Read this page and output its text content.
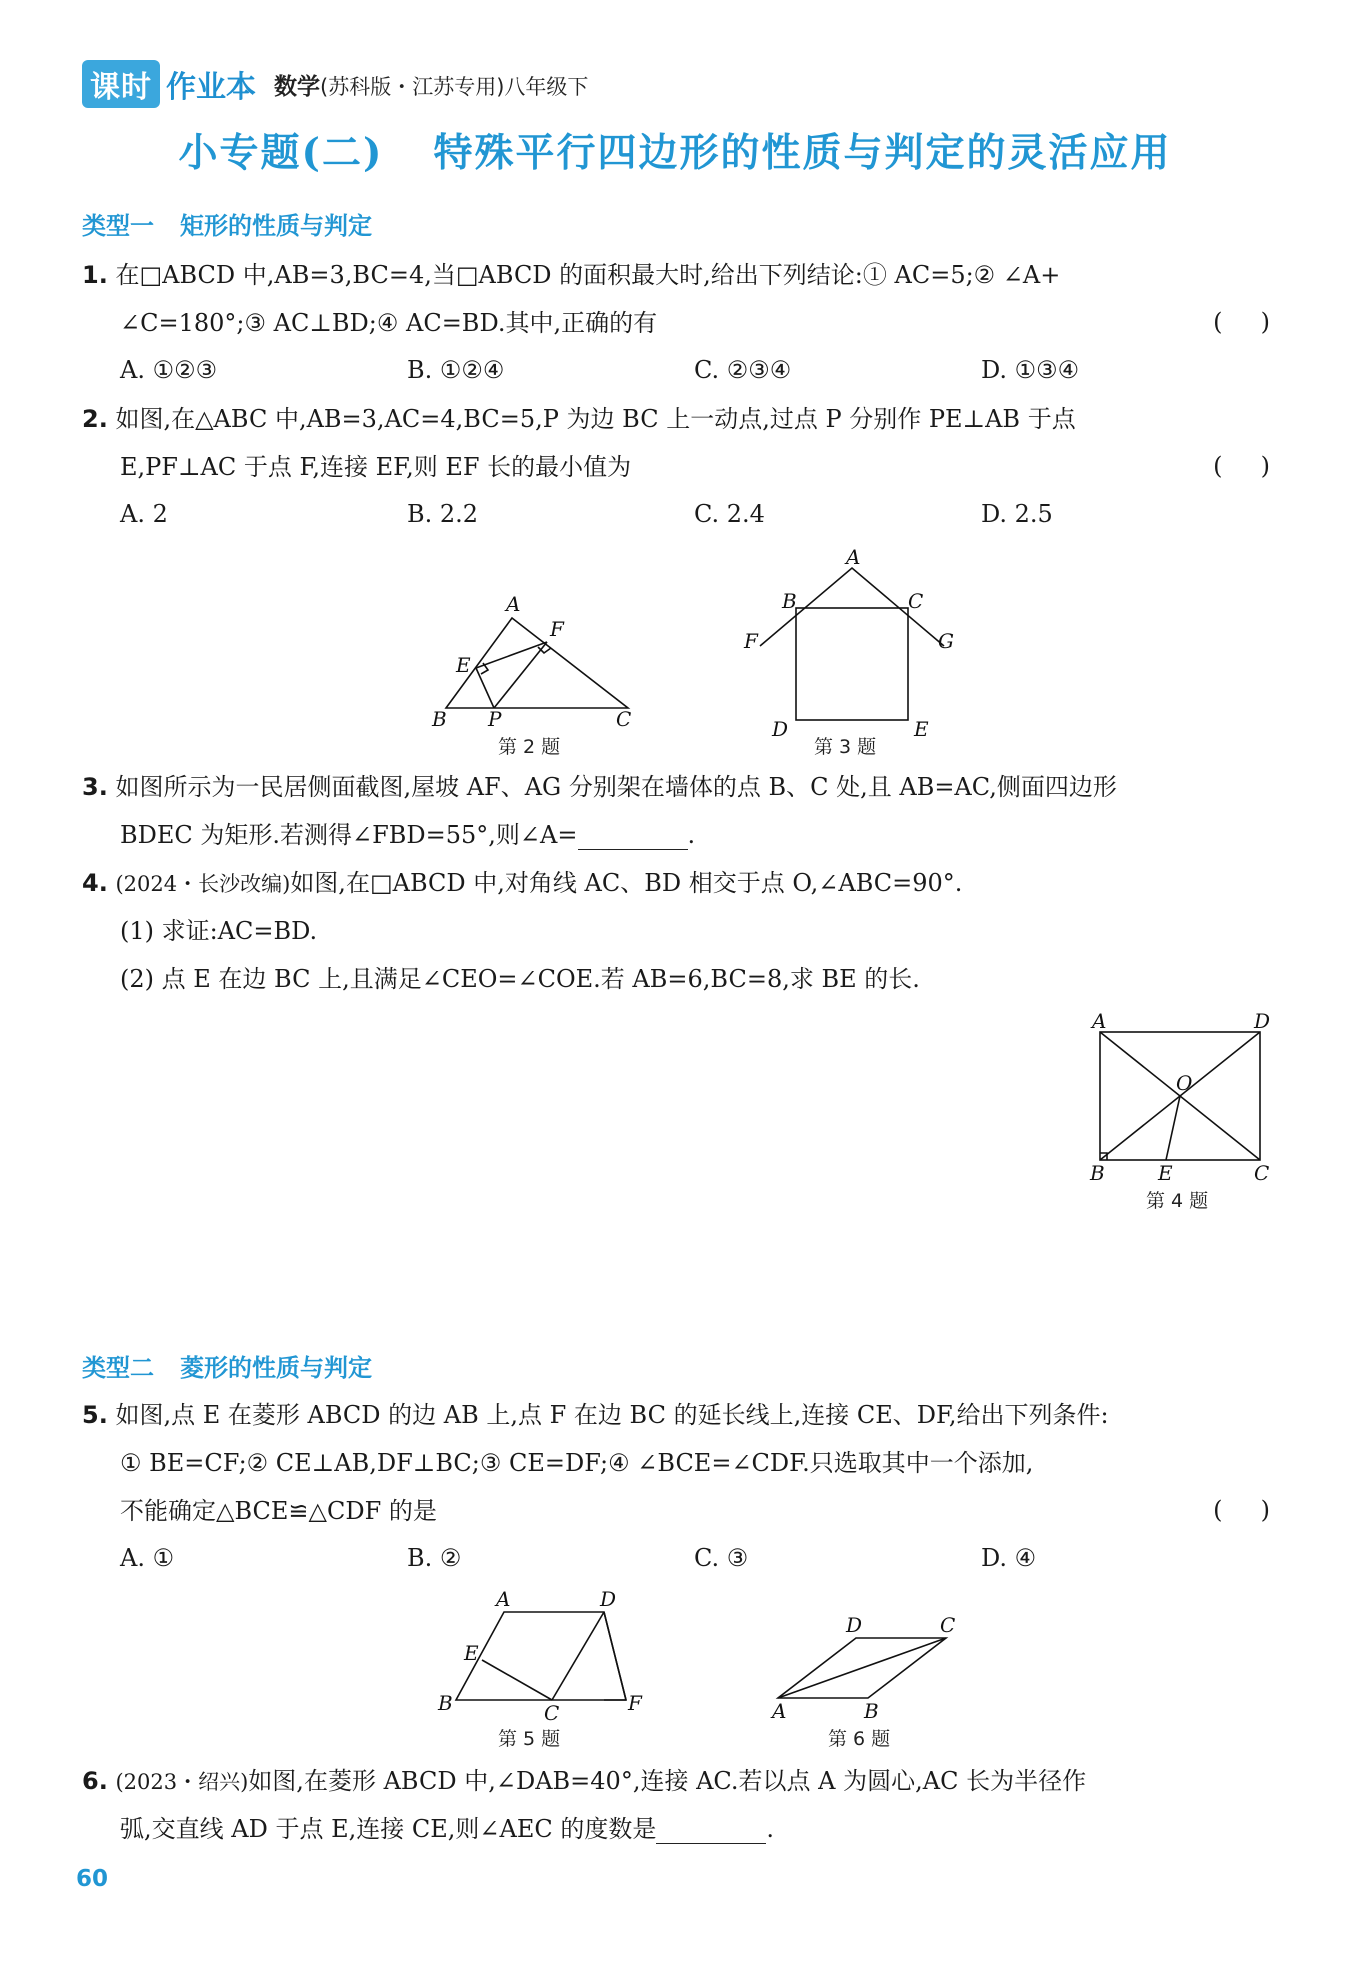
课时 作业本 数学(苏科版・江苏专用)八年级下
小专题(二) 特殊平行四边形的性质与判定的灵活应用
类型一 矩形的性质与判定
1. 在□ABCD 中,AB=3,BC=4,当□ABCD 的面积最大时,给出下列结论:① AC=5;② ∠A+
∠C=180°;③ AC⊥BD;④ AC=BD.其中,正确的有	(     )
A. ①②③	B. ①②④	C. ②③④	D. ①③④
2. 如图,在△ABC 中,AB=3,AC=4,BC=5,P 为边 BC 上一动点,过点 P 分别作 PE⊥AB 于点
E,PF⊥AC 于点 F,连接 EF,则 EF 长的最小值为	(     )
A. 2	B. 2.2	C. 2.4	D. 2.5
A
B	C
E
F
P
第 2 题
A
B	C
D	E
F	G
第 3 题
3. 如图所示为一民居侧面截图,屋坡 AF、AG 分别架在墙体的点 B、C 处,且 AB=AC,侧面四边形
BDEC 为矩形.若测得∠FBD=55°,则∠A=	.
4. (2024・长沙改编)如图,在□ABCD 中,对角线 AC、BD 相交于点 O,∠ABC=90°.
(1) 求证:AC=BD.
(2) 点 E 在边 BC 上,且满足∠CEO=∠COE.若 AB=6,BC=8,求 BE 的长.
A	D
B	C
E
O
第 4 题
类型二 菱形的性质与判定
5. 如图,点 E 在菱形 ABCD 的边 AB 上,点 F 在边 BC 的延长线上,连接 CE、DF,给出下列条件:
① BE=CF;② CE⊥AB,DF⊥BC;③ CE=DF;④ ∠BCE=∠CDF.只选取其中一个添加,
不能确定△BCE≌△CDF 的是	(     )
A. ①	B. ②	C. ③	D. ④
A	D
B	C	F
E
第 5 题
A	B
C
D
第 6 题
6. (2023・绍兴)如图,在菱形 ABCD 中,∠DAB=40°,连接 AC.若以点 A 为圆心,AC 长为半径作
弧,交直线 AD 于点 E,连接 CE,则∠AEC 的度数是	.
60
